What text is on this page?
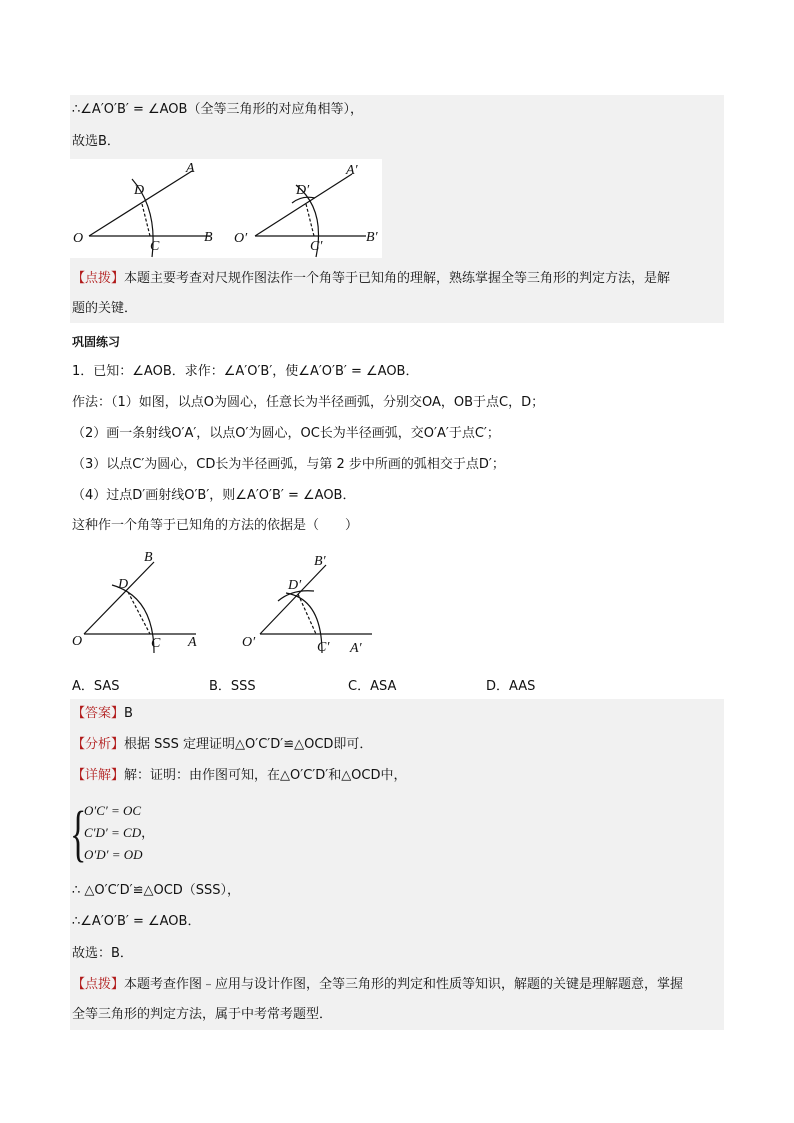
∴∠A′O′B′ = ∠AOB（全等三角形的对应角相等），
故选B．
O
D
A
C
B O′
D′
A′
C′
B′
【点拨】本题主要考查对尺规作图法作一个角等于已知角的理解，熟练掌握全等三角形的判定方法，是解
题的关键．
巩固练习
1．已知：∠AOB．求作：∠A′O′B′，使∠A′O′B′ = ∠AOB．
作法：（1）如图，以点O为圆心，任意长为半径画弧，分别交OA，OB于点C，D；
（2）画一条射线O′A′，以点O′为圆心，OC长为半径画弧，交O′A′于点C′；
（3）以点C′为圆心，CD长为半径画弧，与第 2 步中所画的弧相交于点D′；
（4）过点D′画射线O′B′，则∠A′O′B′ = ∠AOB．
这种作一个角等于已知角的方法的依据是（　　）
O
D
B
C A	O′
D′
B′
C′ A′
A．SAS	B．SSS	C．ASA	D．AAS
【答案】B
【分析】根据 SSS 定理证明△O′C′D′≌△OCD即可．
【详解】解：证明：由作图可知，在△O′C′D′和△OCD中，
{
O′C′ = OC
C′D′ = CD，
O′D′ = OD
∴ △O′C′D′≌△OCD（SSS），
∴∠A′O′B′ = ∠AOB．
故选：B．
【点拨】本题考查作图﹣应用与设计作图，全等三角形的判定和性质等知识，解题的关键是理解题意，掌握
全等三角形的判定方法，属于中考常考题型．
